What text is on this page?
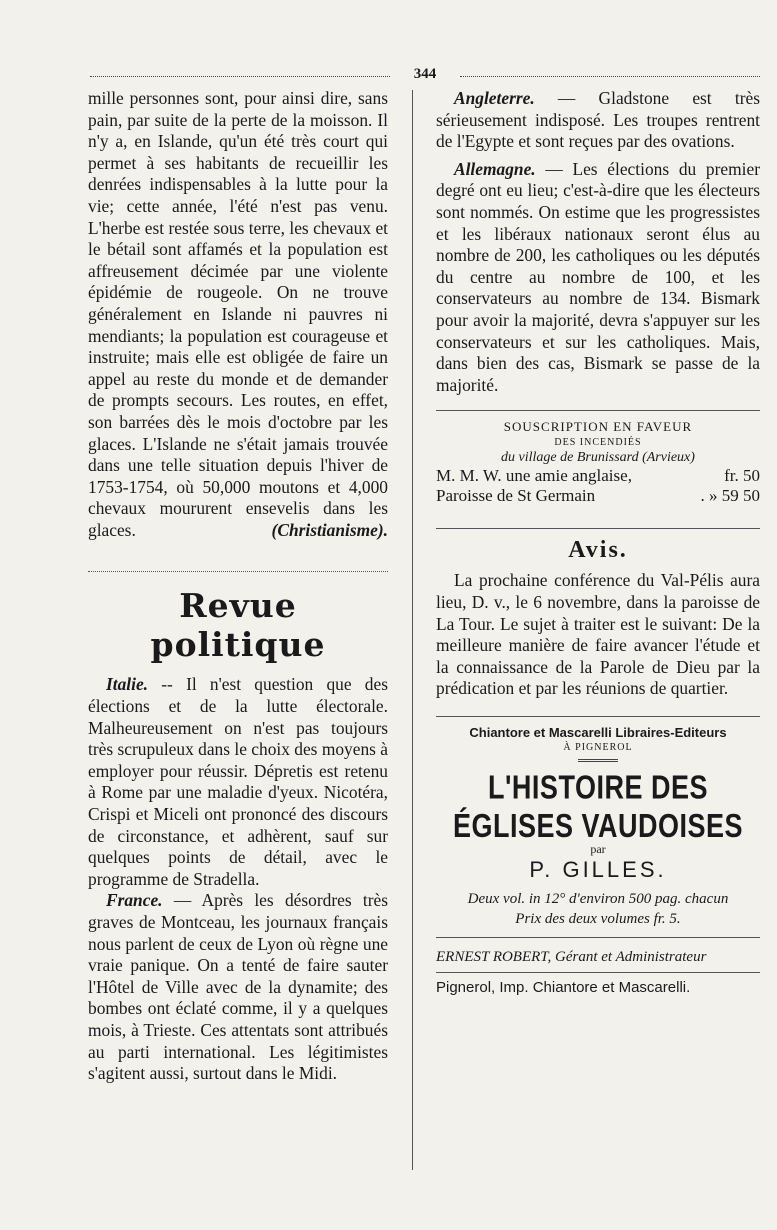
344

mille personnes sont, pour ainsi dire, sans pain, par suite de la perte de la moisson. Il n'y a, en Islande, qu'un été très court qui permet à ses habitants de recueillir les denrées indispensables à la lutte pour la vie; cette année, l'été n'est pas venu. L'herbe est restée sous terre, les chevaux et le bétail sont affamés et la population est affreusement décimée par une violente épidémie de rougeole. On ne trouve généralement en Islande ni pauvres ni mendiants; la population est courageuse et instruite; mais elle est obligée de faire un appel au reste du monde et de demander de prompts secours. Les routes, en effet, son barrées dès le mois d'octobre par les glaces. L'Islande ne s'était jamais trouvée dans une telle situation depuis l'hiver de 1753-1754, où 50,000 moutons et 4,000 chevaux moururent ensevelis dans les glaces.	(Christianisme).

Revue politique

Italie. -- Il n'est question que des élections et de la lutte électorale. Malheureusement on n'est pas toujours très scrupuleux dans le choix des moyens à employer pour réussir. Dépretis est retenu à Rome par une maladie d'yeux. Nicotéra, Crispi et Miceli ont prononcé des discours de circonstance, et adhèrent, sauf sur quelques points de détail, avec le programme de Stradella.

France. — Après les désordres très graves de Montceau, les journaux français nous parlent de ceux de Lyon où règne une vraie panique. On a tenté de faire sauter l'Hôtel de Ville avec de la dynamite; des bombes ont éclaté comme, il y a quelques mois, à Trieste. Ces attentats sont attribués au parti international. Les légitimistes s'agitent aussi, surtout dans le Midi.

Angleterre. — Gladstone est très sérieusement indisposé. Les troupes rentrent de l'Egypte et sont reçues par des ovations.

Allemagne. — Les élections du premier degré ont eu lieu; c'est-à-dire que les électeurs sont nommés. On estime que les progressistes et les libéraux nationaux seront élus au nombre de 200, les catholiques ou les députés du centre au nombre de 100, et les conservateurs au nombre de 134. Bismark pour avoir la majorité, devra s'appuyer sur les conservateurs et sur les catholiques. Mais, dans bien des cas, Bismark se passe de la majorité.

SOUSCRIPTION EN FAVEUR
DES INCENDIÉS
du village de Brunissard (Arvieux)
M. M. W. une amie anglaise,	fr. 50
Paroisse de St Germain	. » 59 50
Avis.

La prochaine conférence du Val-Pélis aura lieu, D. v., le 6 novembre, dans la paroisse de La Tour. Le sujet à traiter est le suivant: De la meilleure manière de faire avancer l'étude et la connaissance de la Parole de Dieu par la prédication et par les réunions de quartier.

Chiantore et Mascarelli Libraires-Editeurs
À PIGNEROL
L'HISTOIRE DES ÉGLISES VAUDOISES
par
P. GILLES.
Deux vol. in 12° d'environ 500 pag. chacun
Prix des deux volumes fr. 5.
ERNEST ROBERT, Gérant et Administrateur
Pignerol, Imp. Chiantore et Mascarelli.
